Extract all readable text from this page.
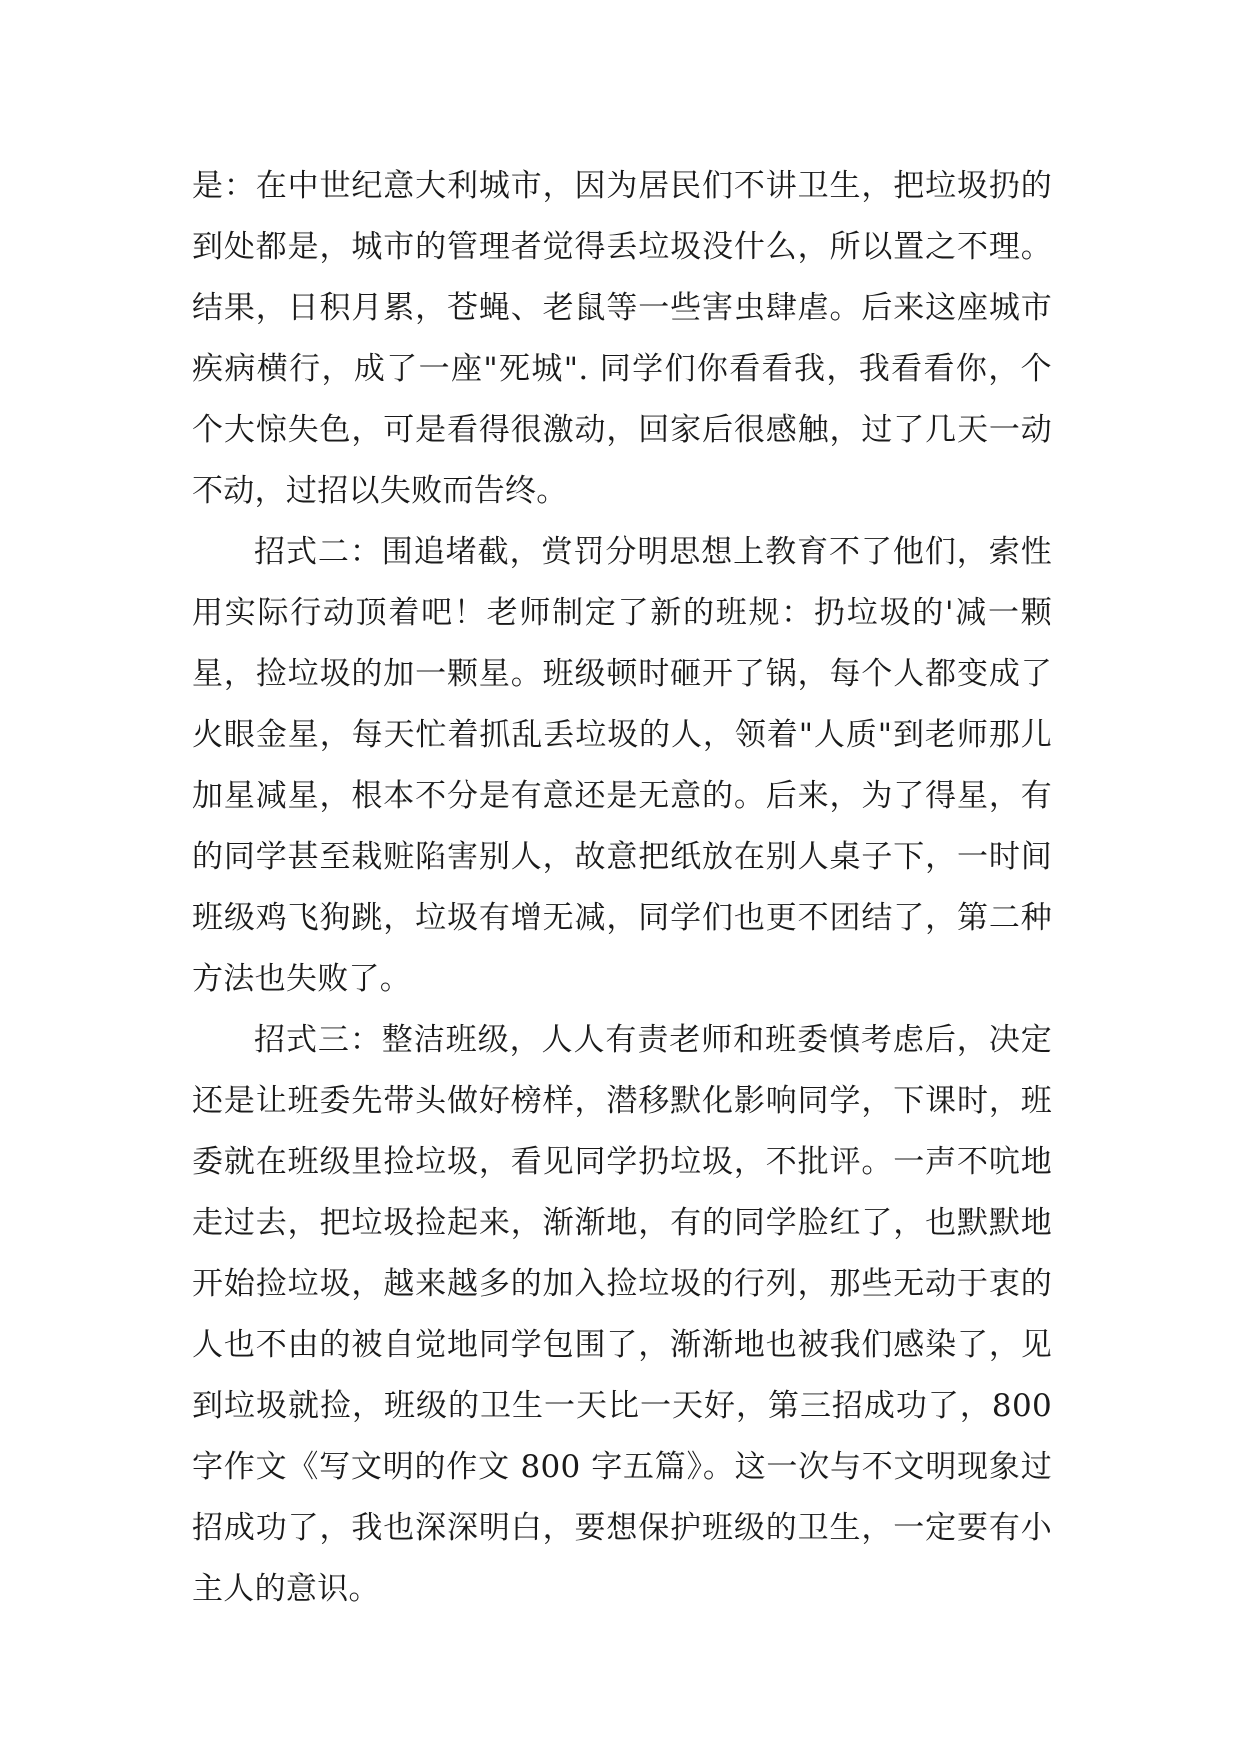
是：在中世纪意大利城市，因为居民们不讲卫生，把垃圾扔的到处都是，城市的管理者觉得丢垃圾没什么，所以置之不理。结果，日积月累，苍蝇、老鼠等一些害虫肆虐。后来这座城市疾病横行，成了一座"死城". 同学们你看看我，我看看你，个个大惊失色，可是看得很激动，回家后很感触，过了几天一动不动，过招以失败而告终。

招式二：围追堵截，赏罚分明思想上教育不了他们，索性用实际行动顶着吧！老师制定了新的班规：扔垃圾的'减一颗星，捡垃圾的加一颗星。班级顿时砸开了锅，每个人都变成了火眼金星，每天忙着抓乱丢垃圾的人，领着"人质"到老师那儿加星减星，根本不分是有意还是无意的。后来，为了得星，有的同学甚至栽赃陷害别人，故意把纸放在别人桌子下，一时间班级鸡飞狗跳，垃圾有增无减，同学们也更不团结了，第二种方法也失败了。

招式三：整洁班级，人人有责老师和班委慎考虑后，决定还是让班委先带头做好榜样，潜移默化影响同学，下课时，班委就在班级里捡垃圾，看见同学扔垃圾，不批评。一声不吭地走过去，把垃圾捡起来，渐渐地，有的同学脸红了，也默默地开始捡垃圾，越来越多的加入捡垃圾的行列，那些无动于衷的人也不由的被自觉地同学包围了，渐渐地也被我们感染了，见到垃圾就捡，班级的卫生一天比一天好，第三招成功了，800 字作文《写文明的作文 800 字五篇》。这一次与不文明现象过招成功了，我也深深明白，要想保护班级的卫生，一定要有小主人的意识。
